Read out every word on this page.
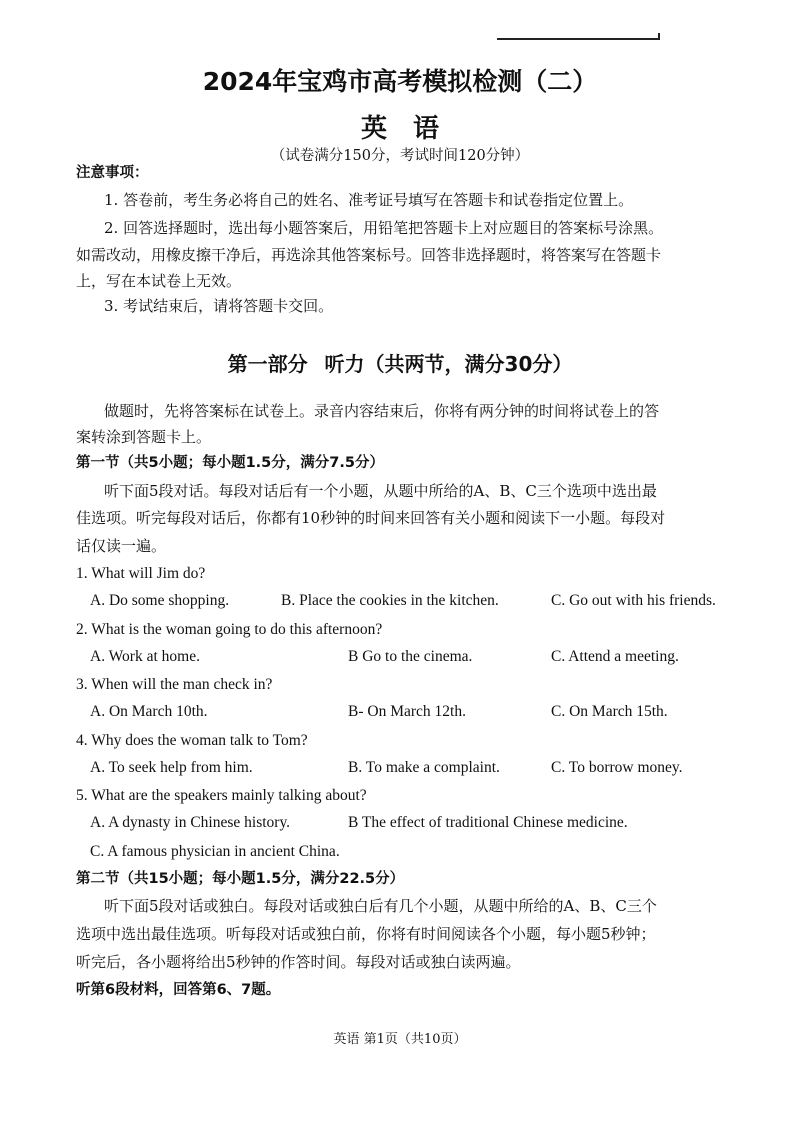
2024年宝鸡市高考模拟检测（二）
英语
（试卷满分150分，考试时间120分钟）
注意事项：
1. 答卷前，考生务必将自己的姓名、准考证号填写在答题卡和试卷指定位置上。
2. 回答选择题时，选出每小题答案后，用铅笔把答题卡上对应题目的答案标号涂黑。
如需改动，用橡皮擦干净后，再选涂其他答案标号。回答非选择题时，将答案写在答题卡
上，写在本试卷上无效。
3. 考试结束后，请将答题卡交回。
第一部分 听力（共两节，满分30分）
做题时，先将答案标在试卷上。录音内容结束后，你将有两分钟的时间将试卷上的答
案转涂到答题卡上。
第一节（共5小题；每小题1.5分，满分7.5分）
听下面5段对话。每段对话后有一个小题，从题中所给的A、B、C三个选项中选出最
佳选项。听完每段对话后，你都有10秒钟的时间来回答有关小题和阅读下一小题。每段对
话仅读一遍。
1. What will Jim do?
A. Do some shopping.	B. Place the cookies in the kitchen.	C. Go out with his friends.
2. What is the woman going to do this afternoon?
A. Work at home.	B Go to the cinema.	C. Attend a meeting.
3. When will the man check in?
A. On March 10th.	B- On March 12th.	C. On March 15th.
4. Why does the woman talk to Tom?
A. To seek help from him.	B. To make a complaint.	C. To borrow money.
5. What are the speakers mainly talking about?
A. A dynasty in Chinese history.	B The effect of traditional Chinese medicine.
C. A famous physician in ancient China.
第二节（共15小题；每小题1.5分，满分22.5分）
听下面5段对话或独白。每段对话或独白后有几个小题，从题中所给的A、B、C三个
选项中选出最佳选项。听每段对话或独白前，你将有时间阅读各个小题，每小题5秒钟；
听完后，各小题将给出5秒钟的作答时间。每段对话或独白读两遍。
听第6段材料，回答第6、7题。
英语 第1页（共10页）
